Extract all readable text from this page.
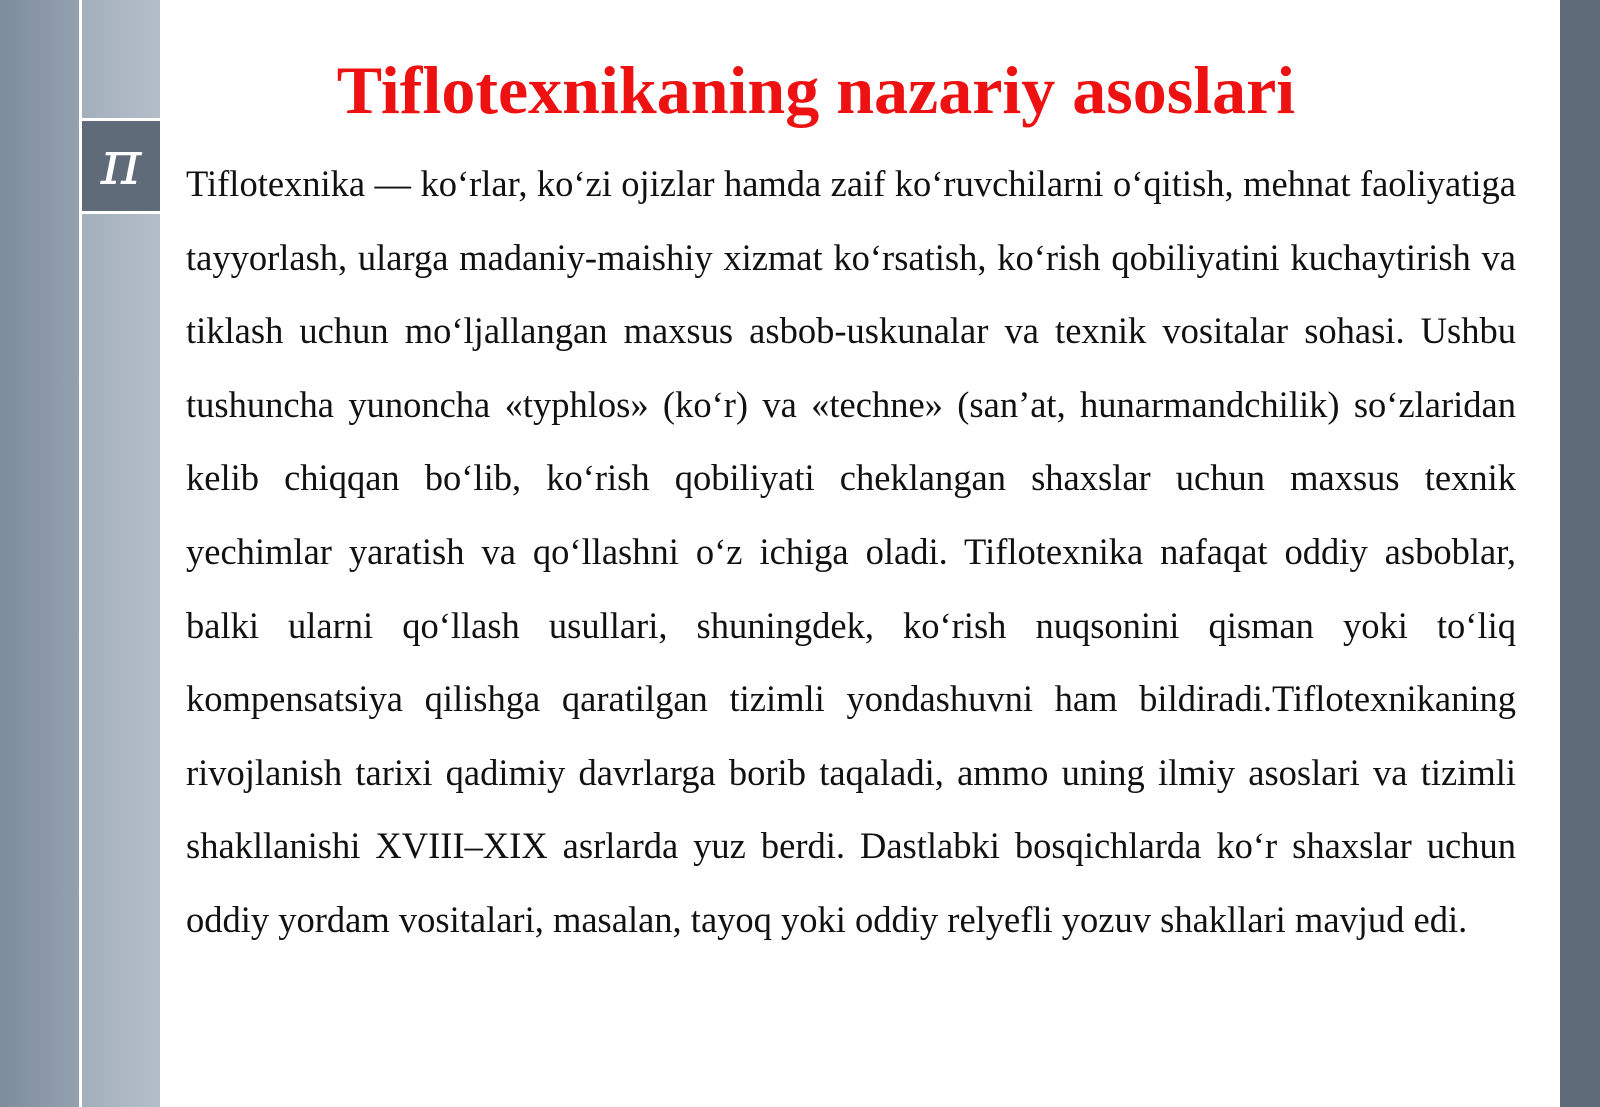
π
Tiflotexnikaning nazariy asoslari

Tiflotexnika — koʻrlar, koʻzi ojizlar hamda zaif koʻruvchilarni oʻqitish, mehnat faoliyatiga tayyorlash, ularga madaniy-maishiy xizmat koʻrsatish, koʻrish qobiliyatini kuchaytirish va tiklash uchun moʻljallangan maxsus asbob-uskunalar va texnik vositalar sohasi. Ushbu tushuncha yunoncha «typhlos» (koʻr) va «techne» (san’at, hunarmandchilik) soʻzlaridan kelib chiqqan boʻlib, koʻrish qobiliyati cheklangan shaxslar uchun maxsus texnik yechimlar yaratish va qoʻllashni oʻz ichiga oladi. Tiflotexnika nafaqat oddiy asboblar, balki ularni qoʻllash usullari, shuningdek, koʻrish nuqsonini qisman yoki toʻliq kompensatsiya qilishga qaratilgan tizimli yondashuvni ham bildiradi.Tiflotexnikaning rivojlanish tarixi qadimiy davrlarga borib taqaladi, ammo uning ilmiy asoslari va tizimli shakllanishi XVIII–XIX asrlarda yuz berdi. Dastlabki bosqichlarda koʻr shaxslar uchun oddiy yordam vositalari, masalan, tayoq yoki oddiy relyefli yozuv shakllari mavjud edi.
